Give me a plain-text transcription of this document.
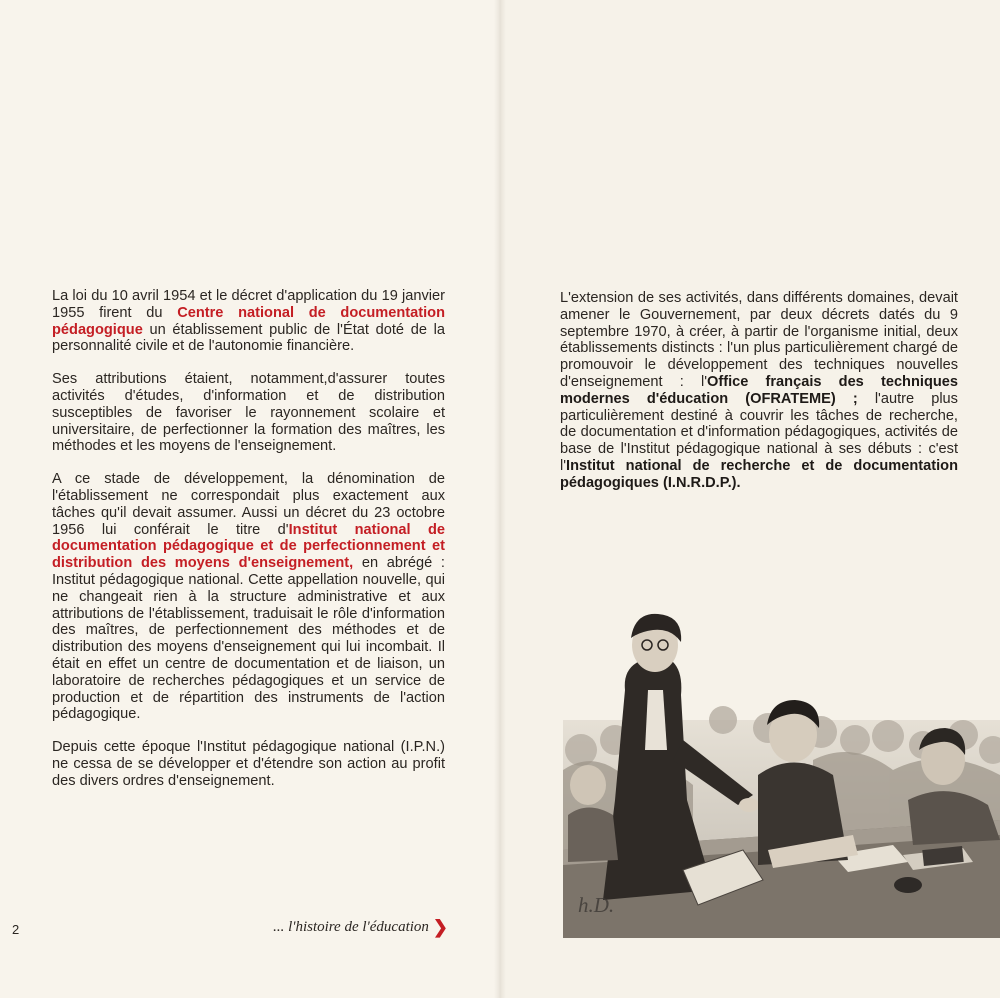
La loi du 10 avril 1954 et le décret d'application du 19 janvier 1955 firent du Centre national de documentation pédagogique un établissement public de l'État doté de la personnalité civile et de l'autonomie financière.

Ses attributions étaient, notamment,d'assurer toutes activités d'études, d'information et de distribution susceptibles de favoriser le rayonnement scolaire et universitaire, de perfectionner la formation des maîtres, les méthodes et les moyens de l'enseignement.

A ce stade de développement, la dénomination de l'établissement ne correspondait plus exactement aux tâches qu'il devait assumer. Aussi un décret du 23 octobre 1956 lui conférait le titre d'Institut national de documentation pédagogique et de perfectionnement et distribution des moyens d'enseignement, en abrégé : Institut pédagogique national. Cette appellation nouvelle, qui ne changeait rien à la structure administrative et aux attributions de l'établissement, traduisait le rôle d'information des maîtres, de perfectionnement des méthodes et de distribution des moyens d'enseignement qui lui incombait. Il était en effet un centre de documentation et de liaison, un laboratoire de recherches pédagogiques et un service de production et de répartition des instruments de l'action pédagogique.

Depuis cette époque l'Institut pédagogique national (I.P.N.) ne cessa de se développer et d'étendre son action au profit des divers ordres d'enseignement.

2	... l'histoire de l'éducation ❯

L'extension de ses activités, dans différents domaines, devait amener le Gouvernement, par deux décrets datés du 9 septembre 1970, à créer, à partir de l'organisme initial, deux établissements distincts : l'un plus particulièrement chargé de promouvoir le développement des techniques nouvelles d'enseignement : l'Office français des techniques modernes d'éducation (OFRATEME) ; l'autre plus particulièrement destiné à couvrir les tâches de recherche, de documentation et d'information pédagogiques, activités de base de l'Institut pédagogique national à ses débuts : c'est l'Institut national de recherche et de documentation pédagogiques (I.N.R.D.P.).

h.D.
